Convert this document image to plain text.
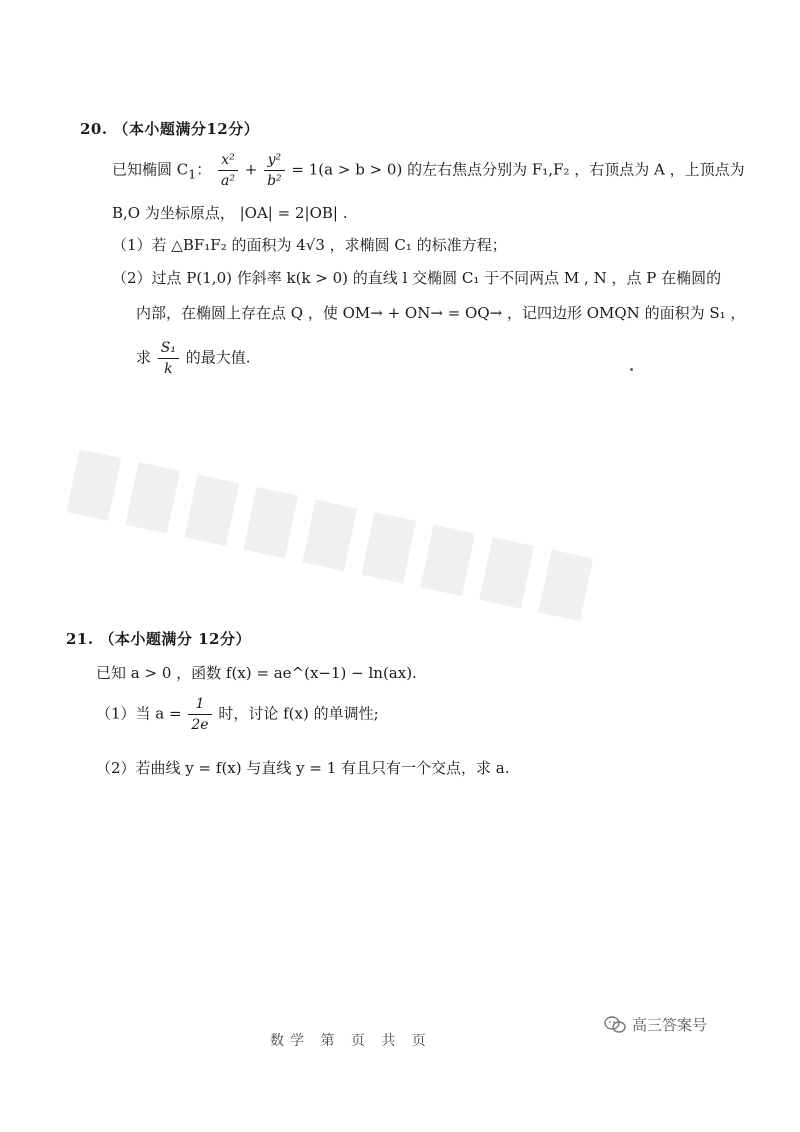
█ █ █ █ █ █ █ █ █
20. （本小题满分12分）
已知椭圆 $C_1$： $\frac{\text{x²}}{\text{a²}} + \frac{\text{y²}}{\text{b²}} = 1(a > b > 0)$ 的左右焦点分别为 F₁,F₂ ，右顶点为 A ，上顶点为
B,O 为坐标原点， |OA| = 2|OB| .
（1）若 △BF₁F₂ 的面积为 4√3 ，求椭圆 C₁ 的标准方程；
（2）过点 P(1,0) 作斜率 k(k > 0) 的直线 l 交椭圆 C₁ 于不同两点 M , N ，点 P 在椭圆的
内部，在椭圆上存在点 Q ，使 OM→ + ON→ = OQ→ ，记四边形 OMQN 的面积为 S₁ ，
求 $\frac{\text{S₁}}{k}$ 的最大值.
21. （本小题满分 12分）
已知 a > 0 ，函数 f(x) = ae^(x−1) − ln(ax).
（1）当 $a = \frac{1}{2e}$ 时，讨论 f(x) 的单调性;
（2）若曲线 y = f(x) 与直线 y = 1 有且只有一个交点，求 a.
数学 第 页 共 页
高三答案号
